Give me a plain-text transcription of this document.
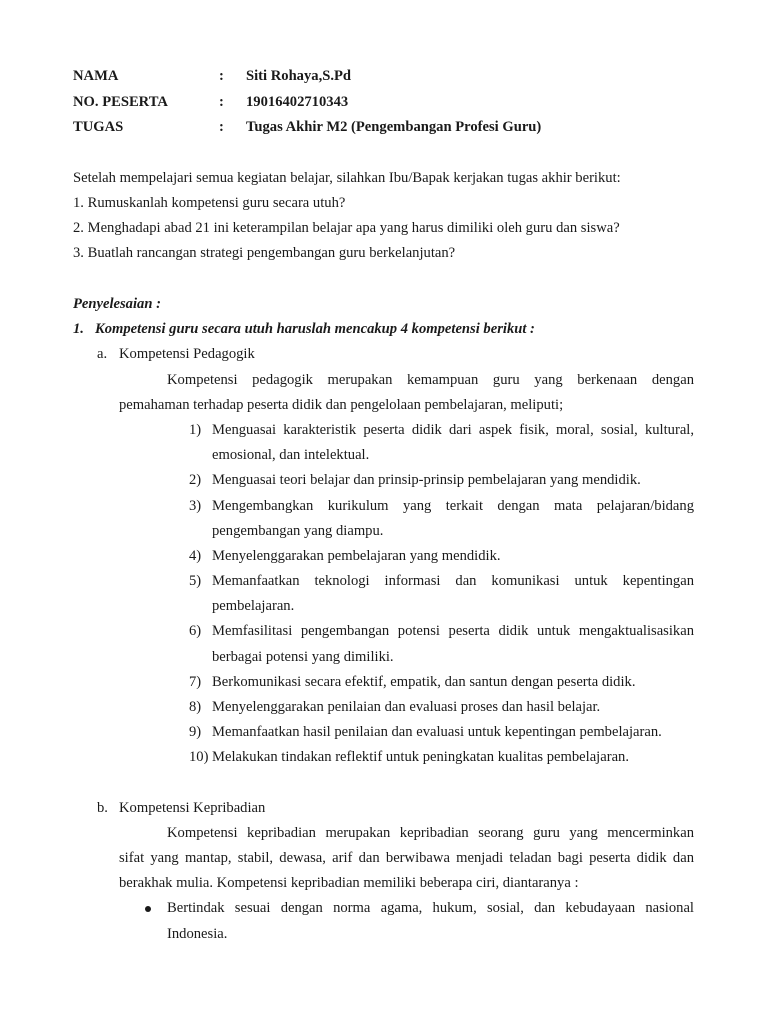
NAMA	: Siti Rohaya,S.Pd
NO. PESERTA	: 19016402710343
TUGAS	: Tugas Akhir M2 (Pengembangan Profesi Guru)
Setelah mempelajari semua kegiatan belajar, silahkan Ibu/Bapak kerjakan tugas akhir berikut:
1. Rumuskanlah kompetensi guru secara utuh?
2. Menghadapi abad 21 ini keterampilan belajar apa yang harus dimiliki oleh guru dan siswa?
3. Buatlah rancangan strategi pengembangan guru berkelanjutan?
Penyelesaian :
1. Kompetensi guru secara utuh haruslah mencakup 4 kompetensi berikut :
a. Kompetensi Pedagogik
Kompetensi pedagogik merupakan kemampuan guru yang berkenaan dengan
pemahaman terhadap peserta didik dan pengelolaan pembelajaran, meliputi;
1) Menguasai karakteristik peserta didik dari aspek fisik, moral, sosial, kultural,
emosional, dan intelektual.
2) Menguasai teori belajar dan prinsip-prinsip pembelajaran yang mendidik.
3) Mengembangkan kurikulum yang terkait dengan mata pelajaran/bidang
pengembangan yang diampu.
4) Menyelenggarakan pembelajaran yang mendidik.
5) Memanfaatkan teknologi informasi dan komunikasi untuk kepentingan
pembelajaran.
6) Memfasilitasi pengembangan potensi peserta didik untuk mengaktualisasikan
berbagai potensi yang dimiliki.
7) Berkomunikasi secara efektif, empatik, dan santun dengan peserta didik.
8) Menyelenggarakan penilaian dan evaluasi proses dan hasil belajar.
9) Memanfaatkan hasil penilaian dan evaluasi untuk kepentingan pembelajaran.
10) Melakukan tindakan reflektif untuk peningkatan kualitas pembelajaran.
b. Kompetensi Kepribadian
Kompetensi kepribadian merupakan kepribadian seorang guru yang mencerminkan
sifat yang mantap, stabil, dewasa, arif dan berwibawa menjadi teladan bagi peserta didik dan
berakhak mulia. Kompetensi kepribadian memiliki beberapa ciri, diantaranya :
Bertindak sesuai dengan norma agama, hukum, sosial, dan kebudayaan nasional
Indonesia.
